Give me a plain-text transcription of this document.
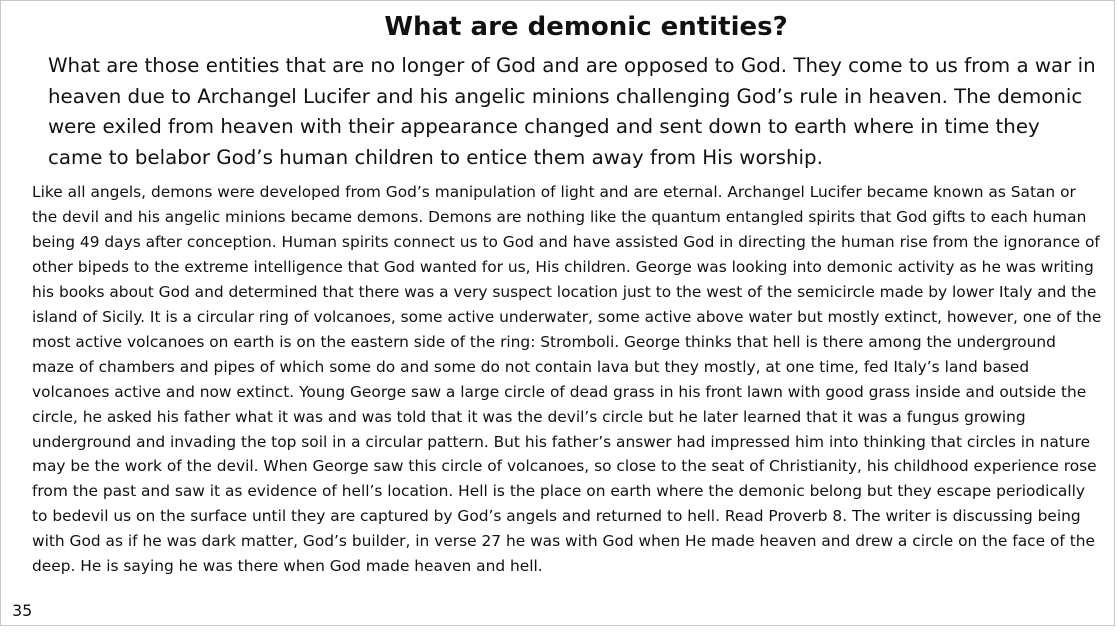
What are demonic entities?

What are those entities that are no longer of God and are opposed to God. They come to us from a war in heaven due to Archangel Lucifer and his angelic minions challenging God’s rule in heaven. The demonic were exiled from heaven with their appearance changed and sent down to earth where in time they came to belabor God’s human children to entice them away from His worship.

Like all angels, demons were developed from God’s manipulation of light and are eternal. Archangel Lucifer became known as Satan or the devil and his angelic minions became demons. Demons are nothing like the quantum entangled spirits that God gifts to each human being 49 days after conception. Human spirits connect us to God and have assisted God in directing the human rise from the ignorance of other bipeds to the extreme intelligence that God wanted for us, His children. George was looking into demonic activity as he was writing his books about God and determined that there was a very suspect location just to the west of the semicircle made by lower Italy and the island of Sicily. It is a circular ring of volcanoes, some active underwater, some active above water but mostly extinct, however, one of the most active volcanoes on earth is on the eastern side of the ring: Stromboli. George thinks that hell is there among the underground maze of chambers and pipes of which some do and some do not contain lava but they mostly, at one time, fed Italy’s land based volcanoes active and now extinct. Young George saw a large circle of dead grass in his front lawn with good grass inside and outside the circle, he asked his father what it was and was told that it was the devil’s circle but he later learned that it was a fungus growing underground and invading the top soil in a circular pattern. But his father’s answer had impressed him into thinking that circles in nature may be the work of the devil. When George saw this circle of volcanoes, so close to the seat of Christianity, his childhood experience rose from the past and saw it as evidence of hell’s location. Hell is the place on earth where the demonic belong but they escape periodically to bedevil us on the surface until they are captured by God’s angels and returned to hell. Read Proverb 8. The writer is discussing being with God as if he was dark matter, God’s builder, in verse 27 he was with God when He made heaven and drew a circle on the face of the deep. He is saying he was there when God made heaven and hell.

35
